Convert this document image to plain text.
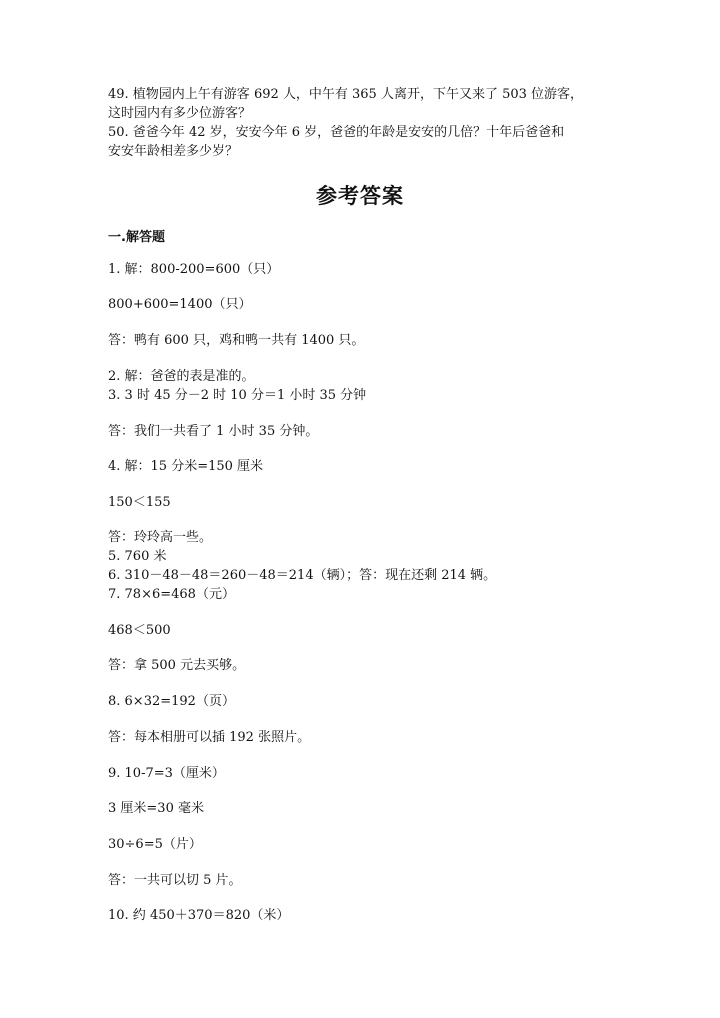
49. 植物园内上午有游客 692 人，中午有 365 人离开，下午又来了 503 位游客，
这时园内有多少位游客？
50. 爸爸今年 42 岁，安安今年 6 岁，爸爸的年龄是安安的几倍？十年后爸爸和
安安年龄相差多少岁？
参考答案
一.解答题
1. 解：800-200=600（只）
800+600=1400（只）
答：鸭有 600 只，鸡和鸭一共有 1400 只。
2. 解：爸爸的表是准的。
3. 3 时 45 分－2 时 10 分＝1 小时 35 分钟
答：我们一共看了 1 小时 35 分钟。
4. 解：15 分米=150 厘米
150＜155
答：玲玲高一些。
5. 760 米
6. 310－48－48＝260－48＝214（辆）；答：现在还剩 214 辆。
7. 78×6=468（元）
468＜500
答：拿 500 元去买够。
8. 6×32=192（页）
答：每本相册可以插 192 张照片。
9. 10-7=3（厘米）
3 厘米=30 毫米
30÷6=5（片）
答：一共可以切 5 片。
10. 约 450＋370＝820（米）
